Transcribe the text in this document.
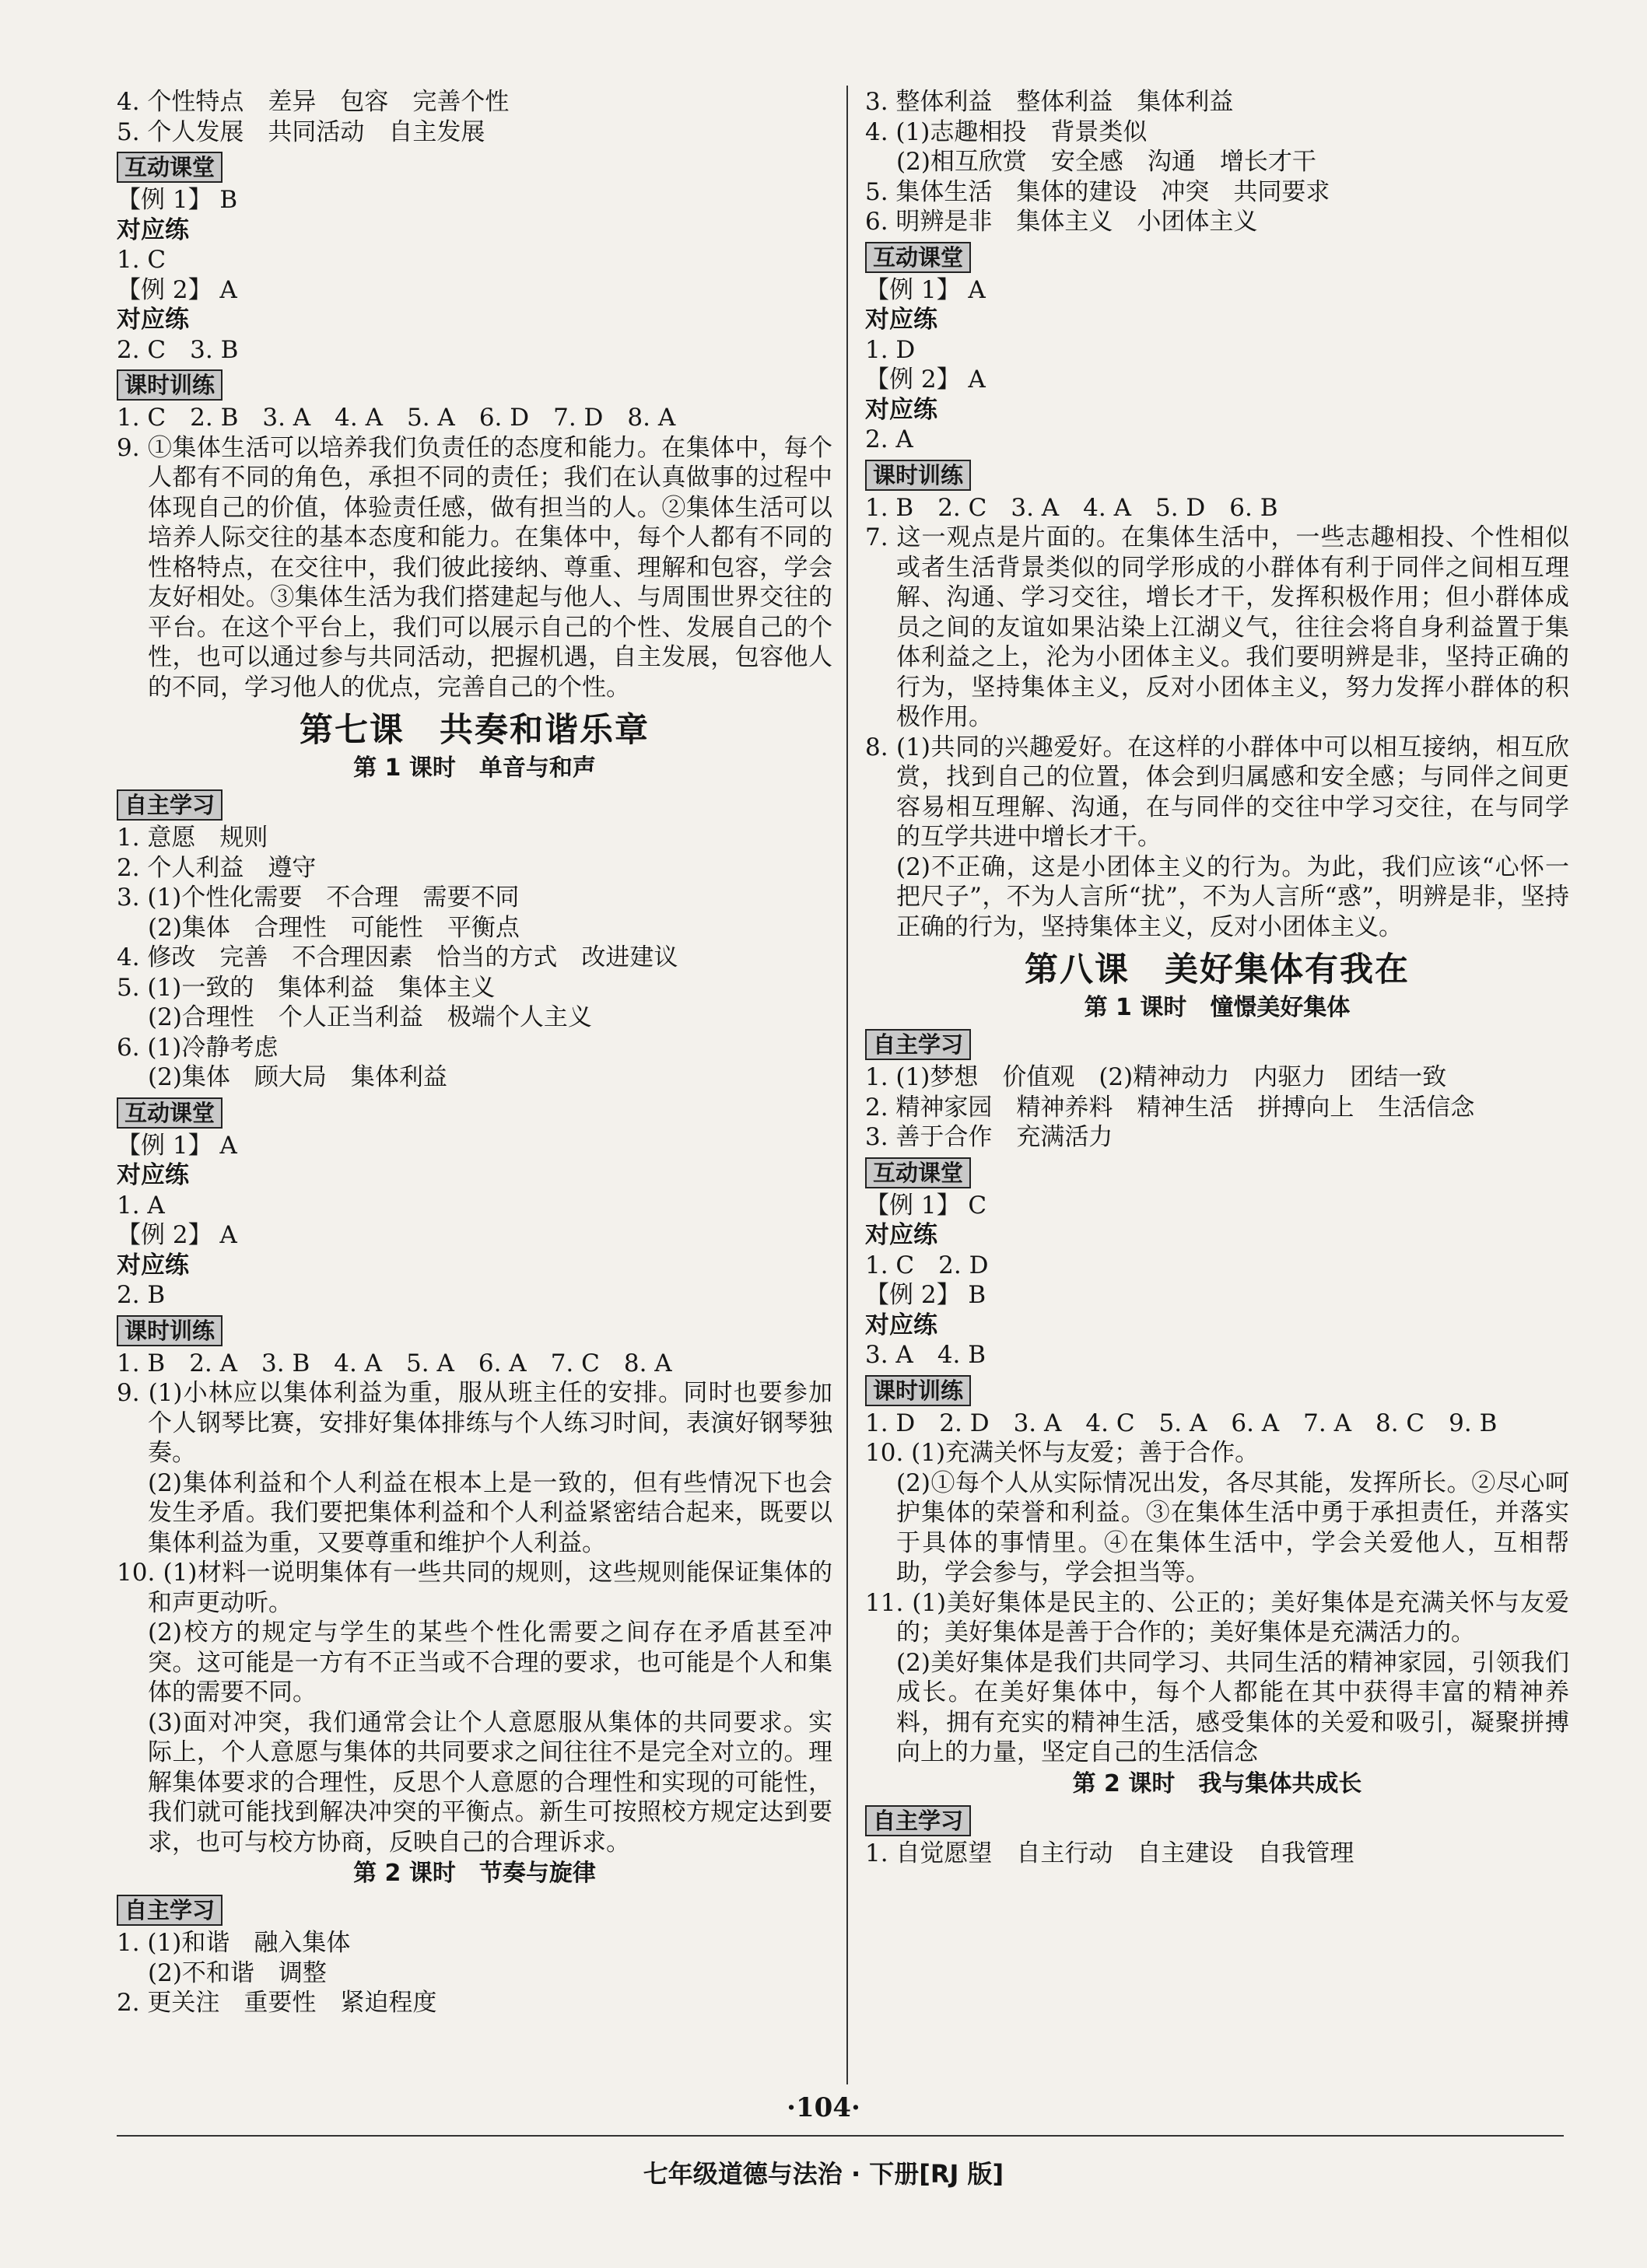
4. 个性特点　差异　包容　完善个性
5. 个人发展　共同活动　自主发展
互动课堂
【例 1】 B
对应练
1. C
【例 2】 A
对应练
2. C　3. B
课时训练
1. C　2. B　3. A　4. A　5. A　6. D　7. D　8. A
9. ①集体生活可以培养我们负责任的态度和能力。在集体中，每个人都有不同的角色，承担不同的责任；我们在认真做事的过程中体现自己的价值，体验责任感，做有担当的人。②集体生活可以培养人际交往的基本态度和能力。在集体中，每个人都有不同的性格特点，在交往中，我们彼此接纳、尊重、理解和包容，学会友好相处。③集体生活为我们搭建起与他人、与周围世界交往的平台。在这个平台上，我们可以展示自己的个性、发展自己的个性，也可以通过参与共同活动，把握机遇，自主发展，包容他人的不同，学习他人的优点，完善自己的个性。
第七课　共奏和谐乐章
第 1 课时　单音与和声
自主学习
1. 意愿　规则
2. 个人利益　遵守
3. (1)个性化需要　不合理　需要不同
(2)集体　合理性　可能性　平衡点
4. 修改　完善　不合理因素　恰当的方式　改进建议
5. (1)一致的　集体利益　集体主义
(2)合理性　个人正当利益　极端个人主义
6. (1)冷静考虑
(2)集体　顾大局　集体利益
互动课堂
【例 1】 A
对应练
1. A
【例 2】 A
对应练
2. B
课时训练
1. B　2. A　3. B　4. A　5. A　6. A　7. C　8. A
9. (1)小林应以集体利益为重，服从班主任的安排。同时也要参加个人钢琴比赛，安排好集体排练与个人练习时间，表演好钢琴独奏。
(2)集体利益和个人利益在根本上是一致的，但有些情况下也会发生矛盾。我们要把集体利益和个人利益紧密结合起来，既要以集体利益为重，又要尊重和维护个人利益。
10. (1)材料一说明集体有一些共同的规则，这些规则能保证集体的和声更动听。
(2)校方的规定与学生的某些个性化需要之间存在矛盾甚至冲突。这可能是一方有不正当或不合理的要求，也可能是个人和集体的需要不同。
(3)面对冲突，我们通常会让个人意愿服从集体的共同要求。实际上，个人意愿与集体的共同要求之间往往不是完全对立的。理解集体要求的合理性，反思个人意愿的合理性和实现的可能性，我们就可能找到解决冲突的平衡点。新生可按照校方规定达到要求，也可与校方协商，反映自己的合理诉求。
第 2 课时　节奏与旋律
自主学习
1. (1)和谐　融入集体
(2)不和谐　调整
2. 更关注　重要性　紧迫程度
3. 整体利益　整体利益　集体利益
4. (1)志趣相投　背景类似
(2)相互欣赏　安全感　沟通　增长才干
5. 集体生活　集体的建设　冲突　共同要求
6. 明辨是非　集体主义　小团体主义
互动课堂
【例 1】 A
对应练
1. D
【例 2】 A
对应练
2. A
课时训练
1. B　2. C　3. A　4. A　5. D　6. B
7. 这一观点是片面的。在集体生活中，一些志趣相投、个性相似或者生活背景类似的同学形成的小群体有利于同伴之间相互理解、沟通、学习交往，增长才干，发挥积极作用；但小群体成员之间的友谊如果沾染上江湖义气，往往会将自身利益置于集体利益之上，沦为小团体主义。我们要明辨是非，坚持正确的行为，坚持集体主义，反对小团体主义，努力发挥小群体的积极作用。
8. (1)共同的兴趣爱好。在这样的小群体中可以相互接纳，相互欣赏，找到自己的位置，体会到归属感和安全感；与同伴之间更容易相互理解、沟通，在与同伴的交往中学习交往，在与同学的互学共进中增长才干。
(2)不正确，这是小团体主义的行为。为此，我们应该“心怀一把尺子”，不为人言所“扰”，不为人言所“惑”，明辨是非，坚持正确的行为，坚持集体主义，反对小团体主义。
第八课　美好集体有我在
第 1 课时　憧憬美好集体
自主学习
1. (1)梦想　价值观　(2)精神动力　内驱力　团结一致
2. 精神家园　精神养料　精神生活　拼搏向上　生活信念
3. 善于合作　充满活力
互动课堂
【例 1】 C
对应练
1. C　2. D
【例 2】 B
对应练
3. A　4. B
课时训练
1. D　2. D　3. A　4. C　5. A　6. A　7. A　8. C　9. B
10. (1)充满关怀与友爱；善于合作。
(2)①每个人从实际情况出发，各尽其能，发挥所长。②尽心呵护集体的荣誉和利益。③在集体生活中勇于承担责任，并落实于具体的事情里。④在集体生活中，学会关爱他人，互相帮助，学会参与，学会担当等。
11. (1)美好集体是民主的、公正的；美好集体是充满关怀与友爱的；美好集体是善于合作的；美好集体是充满活力的。
(2)美好集体是我们共同学习、共同生活的精神家园，引领我们成长。在美好集体中，每个人都能在其中获得丰富的精神养料，拥有充实的精神生活，感受集体的关爱和吸引，凝聚拼搏向上的力量，坚定自己的生活信念
第 2 课时　我与集体共成长
自主学习
1. 自觉愿望　自主行动　自主建设　自我管理
·104·
七年级道德与法治 · 下册[RJ 版]
